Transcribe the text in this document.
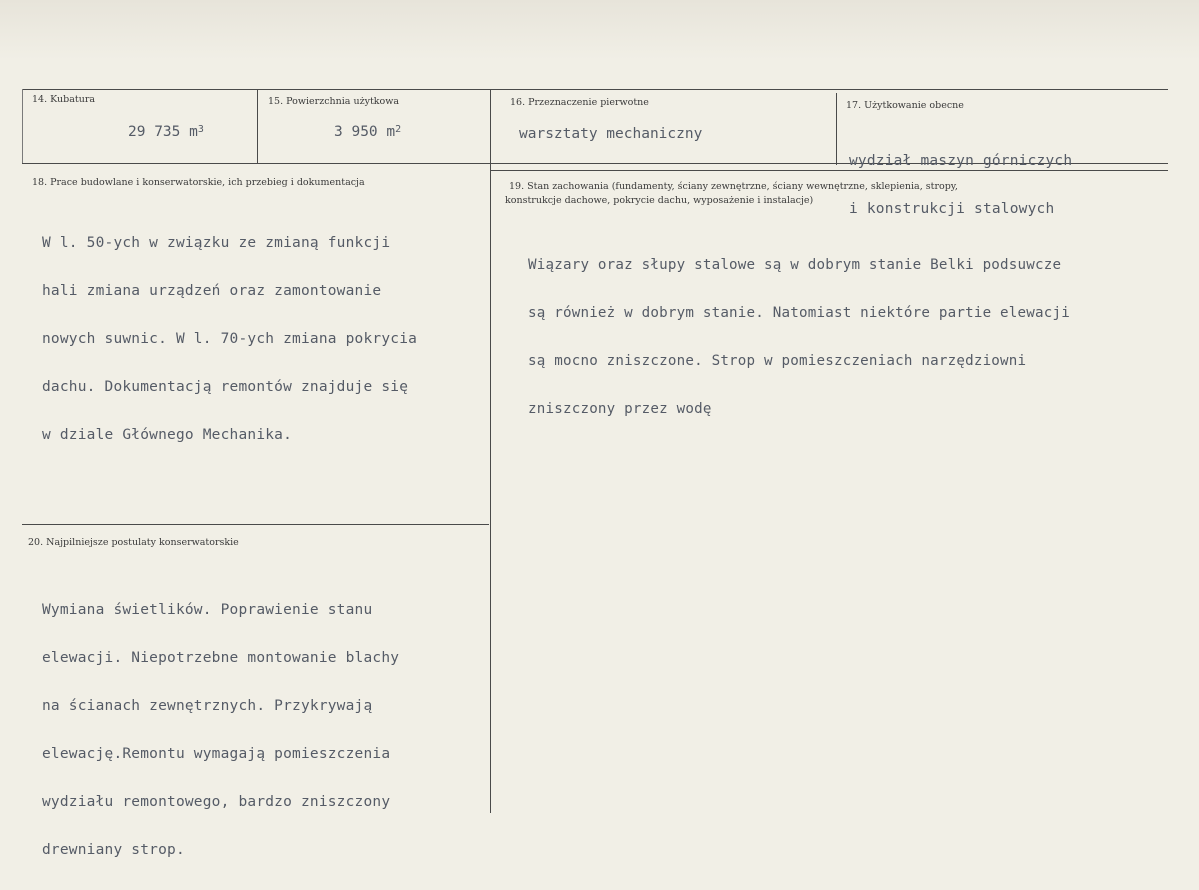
14. Kubatura
29 735 $m^3$
15. Powierzchnia użytkowa
3 950 $m^2$
16. Przeznaczenie pierwotne
warsztaty mechaniczny
17. Użytkowanie obecne

wydział maszyn górniczych

i konstrukcji stalowych

18. Prace budowlane i konserwatorskie, ich przebieg i dokumentacja

W l. 50-ych w związku ze zmianą funkcji

hali zmiana urządzeń oraz zamontowanie

nowych suwnic. W l. 70-ych zmiana pokrycia

dachu. Dokumentacją remontów znajduje się

w dziale Głównego Mechanika.

19. Stan zachowania (fundamenty, ściany zewnętrzne, ściany wewnętrzne, sklepienia, stropy,
konstrukcje dachowe, pokrycie dachu, wyposażenie i instalacje)

Wiązary oraz słupy stalowe są w dobrym stanie Belki podsuwcze

są również w dobrym stanie. Natomiast niektóre partie elewacji

są mocno zniszczone. Strop w pomieszczeniach narzędziowni

zniszczony przez wodę

20. Najpilniejsze postulaty konserwatorskie

Wymiana świetlików. Poprawienie stanu

elewacji. Niepotrzebne montowanie blachy

na ścianach zewnętrznych. Przykrywają

elewację.Remontu wymagają pomieszczenia

wydziału remontowego, bardzo zniszczony

drewniany strop.
